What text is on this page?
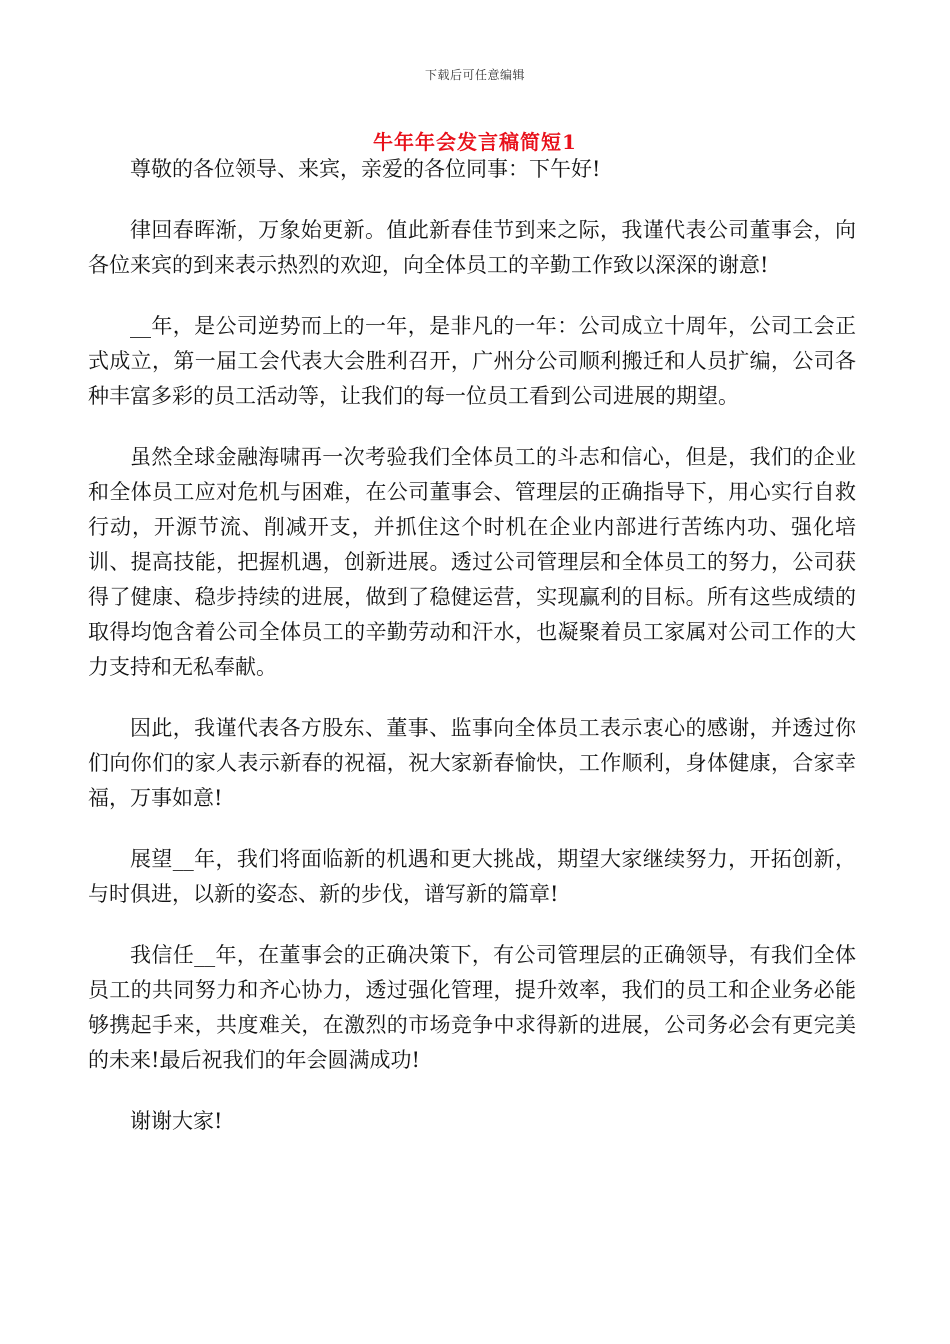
下载后可任意编辑
牛年年会发言稿简短1

尊敬的各位领导、来宾，亲爱的各位同事：下午好!

律回春晖渐，万象始更新。值此新春佳节到来之际，我谨代表公司董事会，向各位来宾的到来表示热烈的欢迎，向全体员工的辛勤工作致以深深的谢意!

__年，是公司逆势而上的一年，是非凡的一年：公司成立十周年，公司工会正式成立，第一届工会代表大会胜利召开，广州分公司顺利搬迁和人员扩编，公司各种丰富多彩的员工活动等，让我们的每一位员工看到公司进展的期望。

虽然全球金融海啸再一次考验我们全体员工的斗志和信心，但是，我们的企业和全体员工应对危机与困难，在公司董事会、管理层的正确指导下，用心实行自救行动，开源节流、削减开支，并抓住这个时机在企业内部进行苦练内功、强化培训、提高技能，把握机遇，创新进展。透过公司管理层和全体员工的努力，公司获得了健康、稳步持续的进展，做到了稳健运营，实现赢利的目标。所有这些成绩的取得均饱含着公司全体员工的辛勤劳动和汗水，也凝聚着员工家属对公司工作的大力支持和无私奉献。

因此，我谨代表各方股东、董事、监事向全体员工表示衷心的感谢，并透过你们向你们的家人表示新春的祝福，祝大家新春愉快，工作顺利，身体健康，合家幸福，万事如意!

展望__年，我们将面临新的机遇和更大挑战，期望大家继续努力，开拓创新，与时俱进，以新的姿态、新的步伐，谱写新的篇章!

我信任__年，在董事会的正确决策下，有公司管理层的正确领导，有我们全体员工的共同努力和齐心协力，透过强化管理，提升效率，我们的员工和企业务必能够携起手来，共度难关，在激烈的市场竞争中求得新的进展，公司务必会有更完美的未来!最后祝我们的年会圆满成功!

谢谢大家!
